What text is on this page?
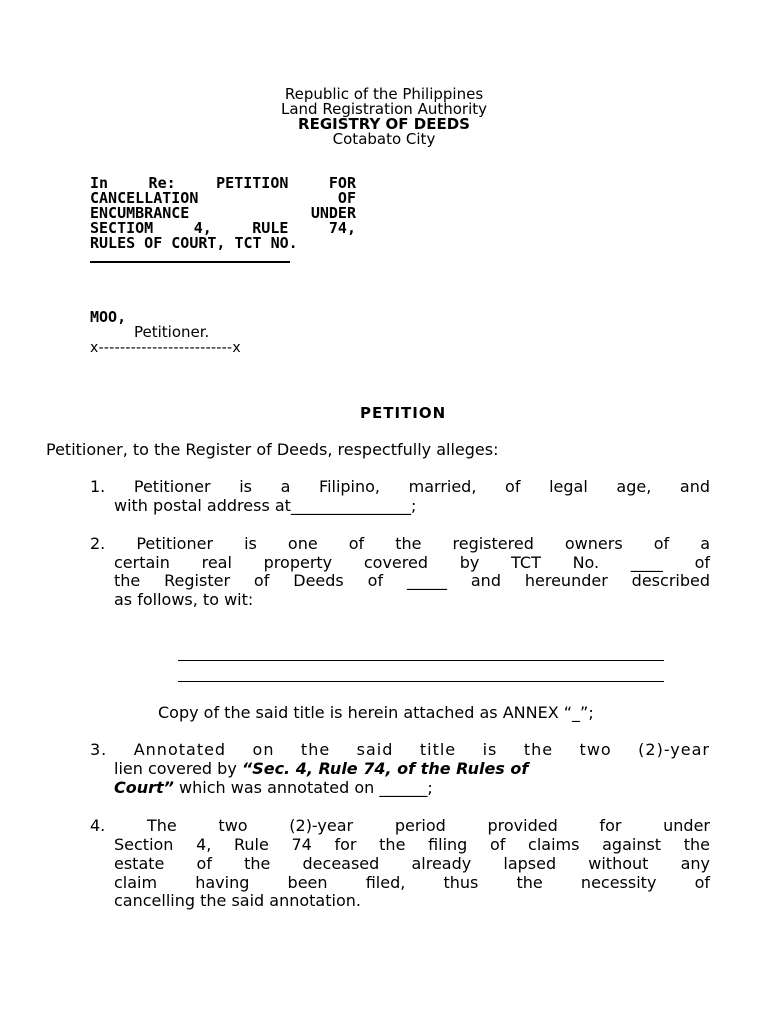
Republic of the Philippines
Land Registration Authority
REGISTRY OF DEEDS
Cotabato City
In Re: PETITION FOR
CANCELLATION OF
ENCUMBRANCE UNDER
SECTIOM 4, RULE 74,
RULES OF COURT, TCT NO.
MOO,
Petitioner.
x-------------------------x
PETITION
Petitioner, to the Register of Deeds, respectfully alleges:
1. Petitioner is a Filipino, married, of legal age, and
with postal address at_______________;
2. Petitioner is one of the registered owners of a
certain real property covered by TCT No. ____ of
the Register of Deeds of _____ and hereunder described
as follows, to wit:
Copy of the said title is herein attached as ANNEX “_”;
3. Annotated on the said title is the two (2)-year
lien covered by “Sec. 4, Rule 74, of the Rules of
Court” which was annotated on ______;
4. The two (2)-year period provided for under
Section 4, Rule 74 for the filing of claims against the
estate of the deceased already lapsed without any
claim having been filed, thus the necessity of
cancelling the said annotation.
